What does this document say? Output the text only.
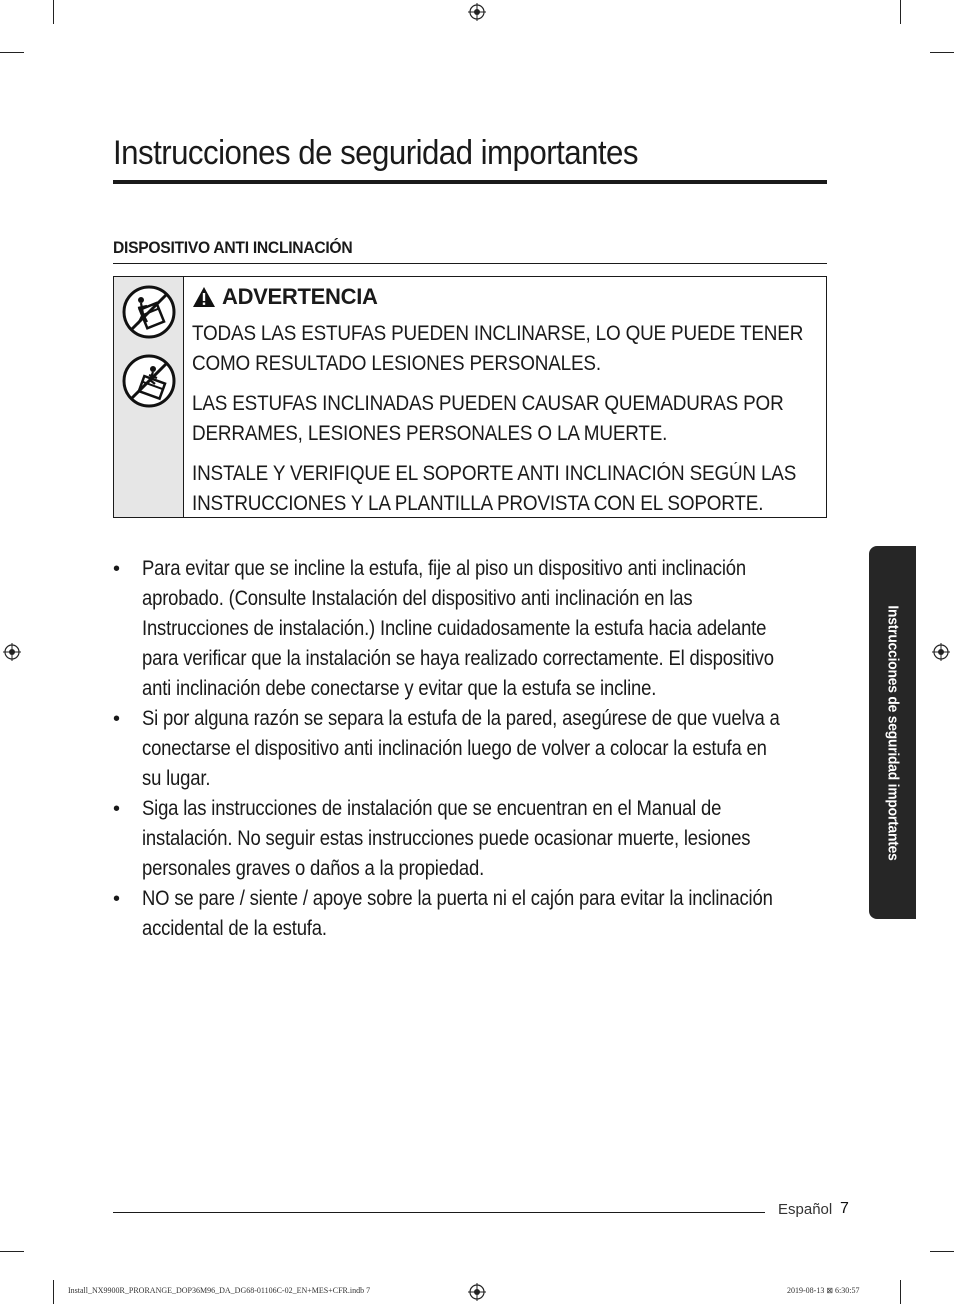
Instrucciones de seguridad importantes
DISPOSITIVO ANTI INCLINACIÓN
ADVERTENCIA

TODAS LAS ESTUFAS PUEDEN INCLINARSE, LO QUE PUEDE TENER
COMO RESULTADO LESIONES PERSONALES.

LAS ESTUFAS INCLINADAS PUEDEN CAUSAR QUEMADURAS POR
DERRAMES, LESIONES PERSONALES O LA MUERTE.

INSTALE Y VERIFIQUE EL SOPORTE ANTI INCLINACIÓN SEGÚN LAS
INSTRUCCIONES Y LA PLANTILLA PROVISTA CON EL SOPORTE.

• Para evitar que se incline la estufa, fije al piso un dispositivo anti inclinación
aprobado. (Consulte Instalación del dispositivo anti inclinación en las
Instrucciones de instalación.) Incline cuidadosamente la estufa hacia adelante
para verificar que la instalación se haya realizado correctamente. El dispositivo
anti inclinación debe conectarse y evitar que la estufa se incline.
• Si por alguna razón se separa la estufa de la pared, asegúrese de que vuelva a
conectarse el dispositivo anti inclinación luego de volver a colocar la estufa en
su lugar.
• Siga las instrucciones de instalación que se encuentran en el Manual de
instalación. No seguir estas instrucciones puede ocasionar muerte, lesiones
personales graves o daños a la propiedad.
• NO se pare / siente / apoye sobre la puerta ni el cajón para evitar la inclinación
accidental de la estufa.
Instrucciones de seguridad importantes
Español 7
Install_NX9900R_PRORANGE_DOP36M96_DA_DG68-01106C-02_EN+MES+CFR.indb 7	2019-08-13 ⊠ 6:30:57
